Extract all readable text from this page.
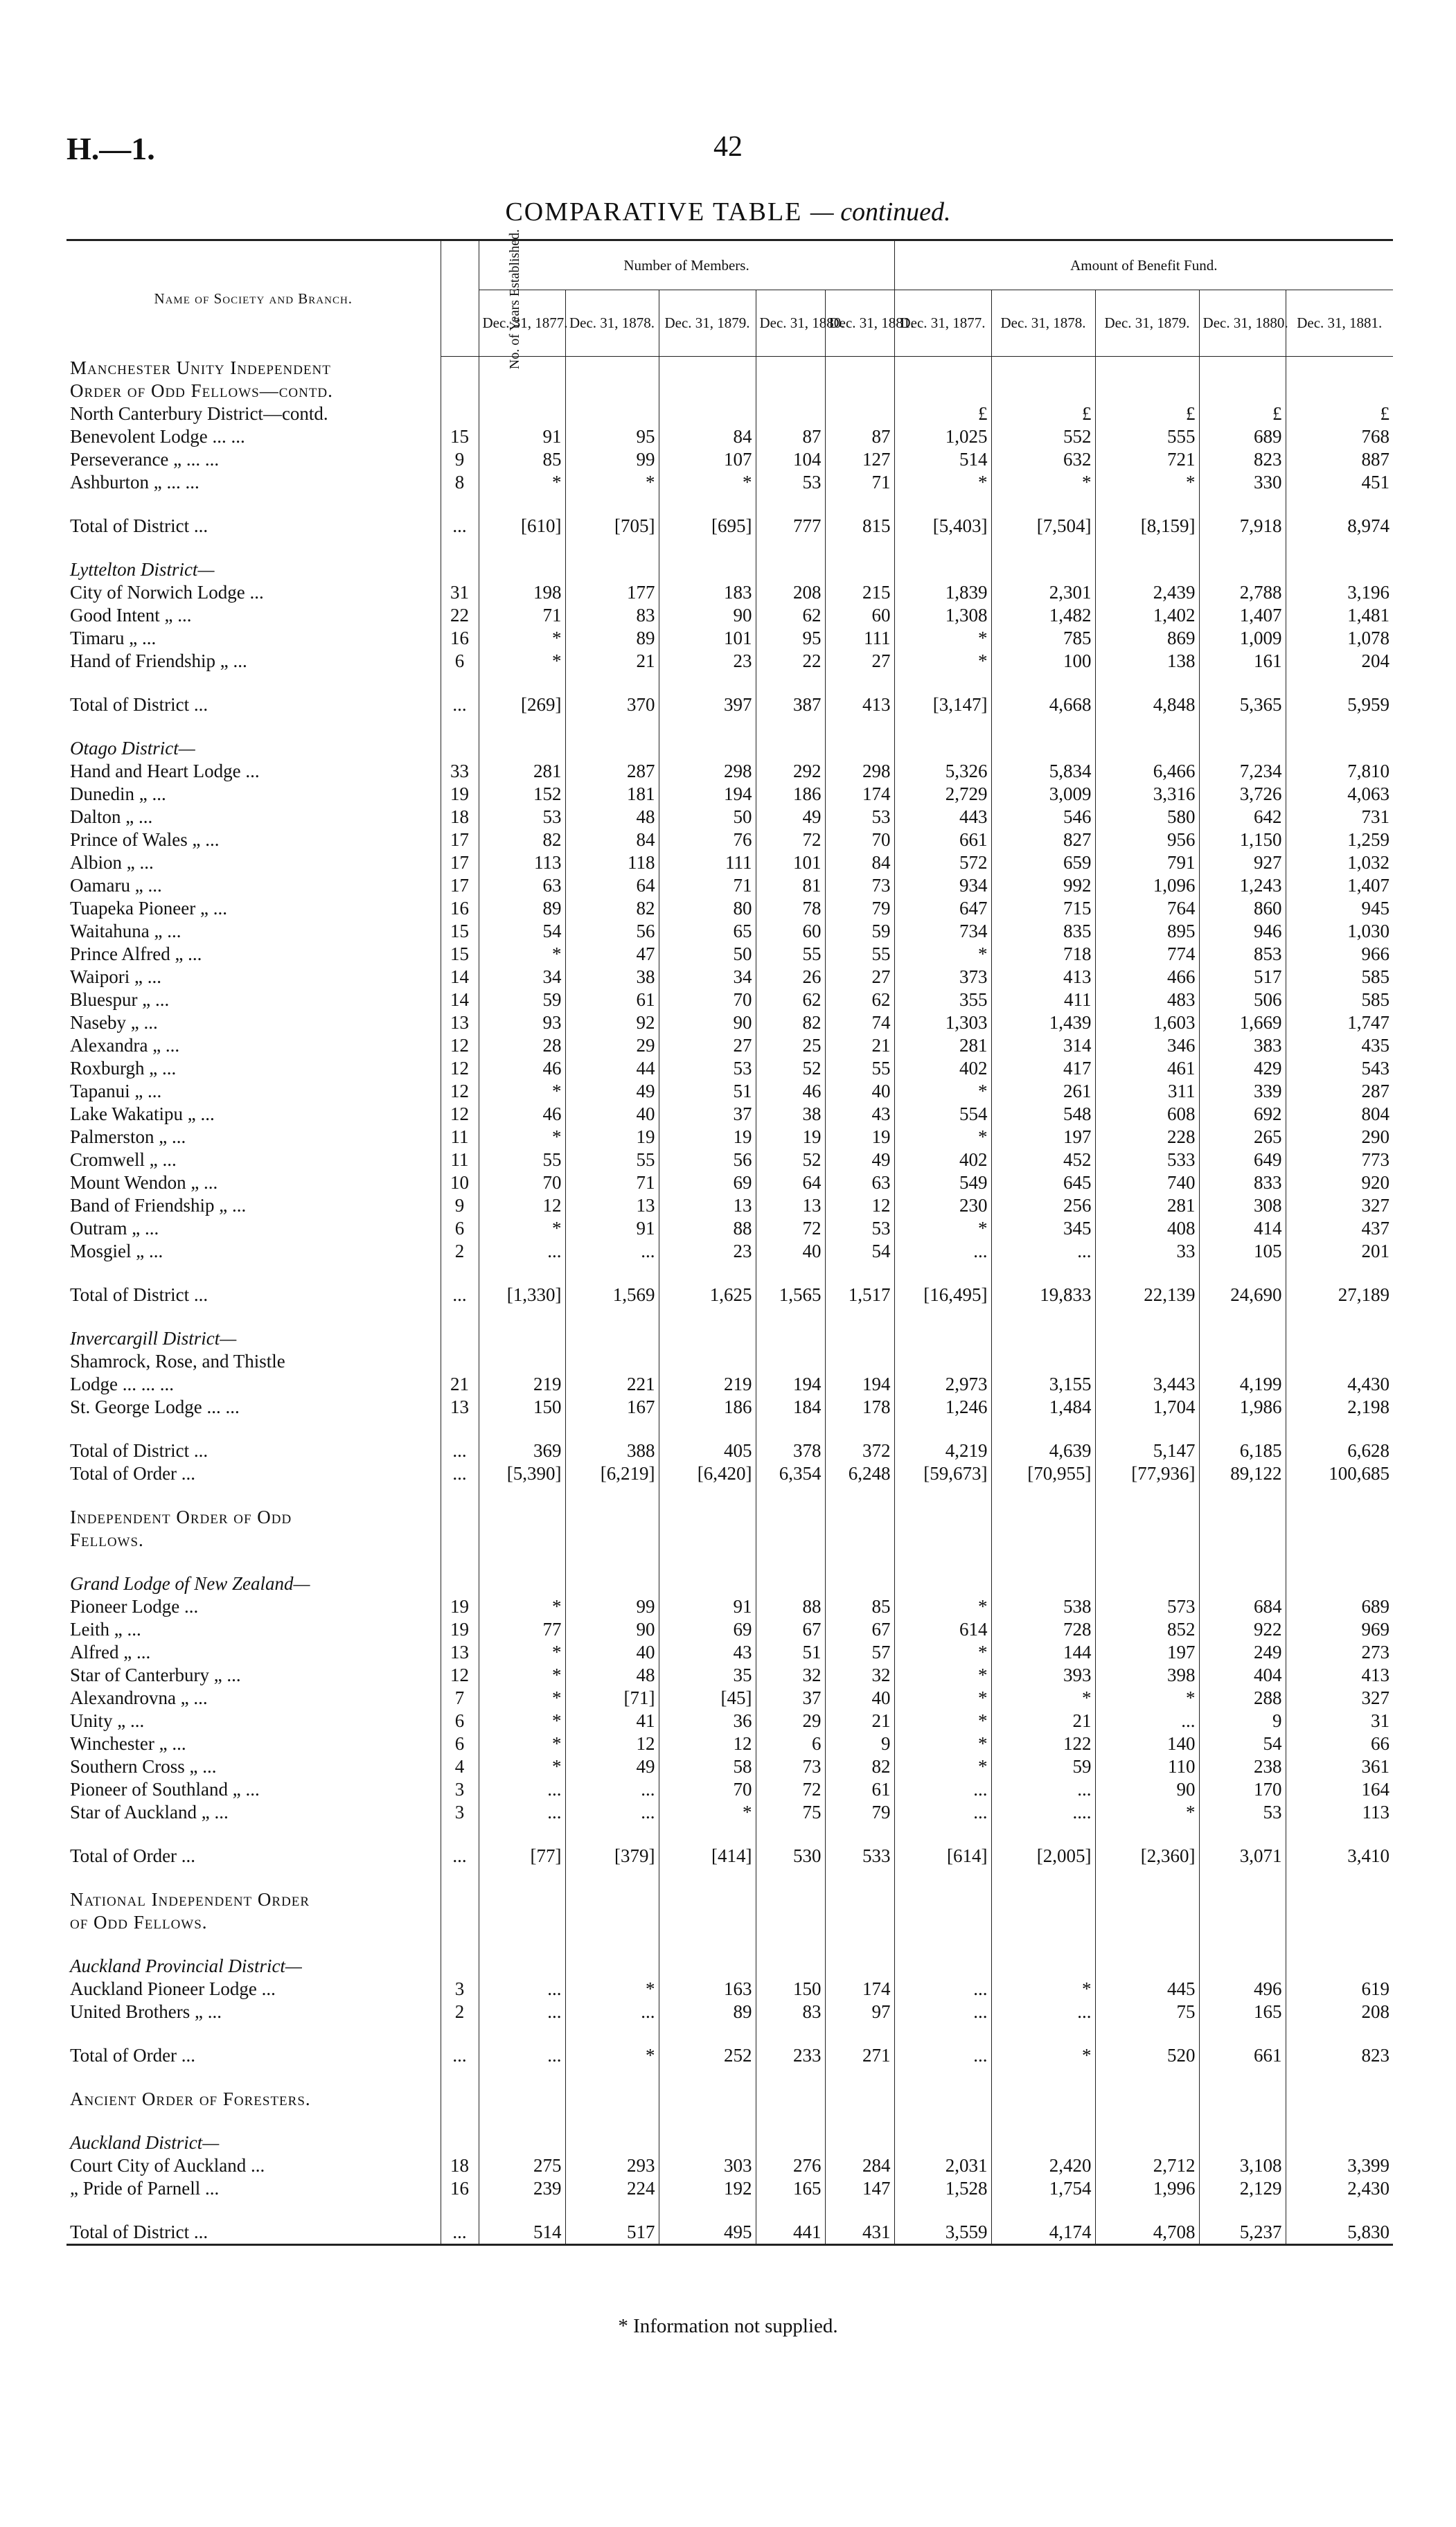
H.—1.	42
COMPARATIVE TABLE — continued.
Name of Society and Branch.	No. of Years Established.	Number of Members.					Amount of Benefit Fund.				
		Dec. 31, 1877.	Dec. 31, 1878.	Dec. 31, 1879.	Dec. 31, 1880.	Dec. 31, 1881.	Dec. 31, 1877.	Dec. 31, 1878.	Dec. 31, 1879.	Dec. 31, 1880.	Dec. 31, 1881.
Manchester Unity Independent											
Order of Odd Fellows—contd.											
North Canterbury District—contd.							£	£	£	£	£
Benevolent Lodge ... ...	15	91	95	84	87	87	1,025	552	555	689	768
Perseverance „ ... ...	9	85	99	107	104	127	514	632	721	823	887
Ashburton „ ... ...	8	*	*	*	53	71	*	*	*	330	451

Total of District ...	...	[610]	[705]	[695]	777	815	[5,403]	[7,504]	[8,159]	7,918	8,974

Lyttelton District—											
City of Norwich Lodge ...	31	198	177	183	208	215	1,839	2,301	2,439	2,788	3,196
Good Intent „ ...	22	71	83	90	62	60	1,308	1,482	1,402	1,407	1,481
Timaru „ ...	16	*	89	101	95	111	*	785	869	1,009	1,078
Hand of Friendship „ ...	6	*	21	23	22	27	*	100	138	161	204

Total of District ...	...	[269]	370	397	387	413	[3,147]	4,668	4,848	5,365	5,959

Otago District—											
Hand and Heart Lodge ...	33	281	287	298	292	298	5,326	5,834	6,466	7,234	7,810
Dunedin „ ...	19	152	181	194	186	174	2,729	3,009	3,316	3,726	4,063
Dalton „ ...	18	53	48	50	49	53	443	546	580	642	731
Prince of Wales „ ...	17	82	84	76	72	70	661	827	956	1,150	1,259
Albion „ ...	17	113	118	111	101	84	572	659	791	927	1,032
Oamaru „ ...	17	63	64	71	81	73	934	992	1,096	1,243	1,407
Tuapeka Pioneer „ ...	16	89	82	80	78	79	647	715	764	860	945
Waitahuna „ ...	15	54	56	65	60	59	734	835	895	946	1,030
Prince Alfred „ ...	15	*	47	50	55	55	*	718	774	853	966
Waipori „ ...	14	34	38	34	26	27	373	413	466	517	585
Bluespur „ ...	14	59	61	70	62	62	355	411	483	506	585
Naseby „ ...	13	93	92	90	82	74	1,303	1,439	1,603	1,669	1,747
Alexandra „ ...	12	28	29	27	25	21	281	314	346	383	435
Roxburgh „ ...	12	46	44	53	52	55	402	417	461	429	543
Tapanui „ ...	12	*	49	51	46	40	*	261	311	339	287
Lake Wakatipu „ ...	12	46	40	37	38	43	554	548	608	692	804
Palmerston „ ...	11	*	19	19	19	19	*	197	228	265	290
Cromwell „ ...	11	55	55	56	52	49	402	452	533	649	773
Mount Wendon „ ...	10	70	71	69	64	63	549	645	740	833	920
Band of Friendship „ ...	9	12	13	13	13	12	230	256	281	308	327
Outram „ ...	6	*	91	88	72	53	*	345	408	414	437
Mosgiel „ ...	2	...	...	23	40	54	...	...	33	105	201

Total of District ...	...	[1,330]	1,569	1,625	1,565	1,517	[16,495]	19,833	22,139	24,690	27,189

Invercargill District—											
Shamrock, Rose, and Thistle											
Lodge ... ... ...	21	219	221	219	194	194	2,973	3,155	3,443	4,199	4,430
St. George Lodge ... ...	13	150	167	186	184	178	1,246	1,484	1,704	1,986	2,198

Total of District ...	...	369	388	405	378	372	4,219	4,639	5,147	6,185	6,628
Total of Order ...	...	[5,390]	[6,219]	[6,420]	6,354	6,248	[59,673]	[70,955]	[77,936]	89,122	100,685

Independent Order of Odd											
Fellows.											

Grand Lodge of New Zealand—											
Pioneer Lodge ...	19	*	99	91	88	85	*	538	573	684	689
Leith „ ...	19	77	90	69	67	67	614	728	852	922	969
Alfred „ ...	13	*	40	43	51	57	*	144	197	249	273
Star of Canterbury „ ...	12	*	48	35	32	32	*	393	398	404	413
Alexandrovna „ ...	7	*	[71]	[45]	37	40	*	*	*	288	327
Unity „ ...	6	*	41	36	29	21	*	21	...	9	31
Winchester „ ...	6	*	12	12	6	9	*	122	140	54	66
Southern Cross „ ...	4	*	49	58	73	82	*	59	110	238	361
Pioneer of Southland „ ...	3	...	...	70	72	61	...	...	90	170	164
Star of Auckland „ ...	3	...	...	*	75	79	...	....	*	53	113

Total of Order ...	...	[77]	[379]	[414]	530	533	[614]	[2,005]	[2,360]	3,071	3,410

National Independent Order											
of Odd Fellows.											

Auckland Provincial District—											
Auckland Pioneer Lodge ...	3	...	*	163	150	174	...	*	445	496	619
United Brothers „ ...	2	...	...	89	83	97	...	...	75	165	208

Total of Order ...	...	...	*	252	233	271	...	*	520	661	823

Ancient Order of Foresters.											

Auckland District—											
Court City of Auckland ...	18	275	293	303	276	284	2,031	2,420	2,712	3,108	3,399
„ Pride of Parnell ...	16	239	224	192	165	147	1,528	1,754	1,996	2,129	2,430

Total of District ...	...	514	517	495	441	431	3,559	4,174	4,708	5,237	5,830
* Information not supplied.
